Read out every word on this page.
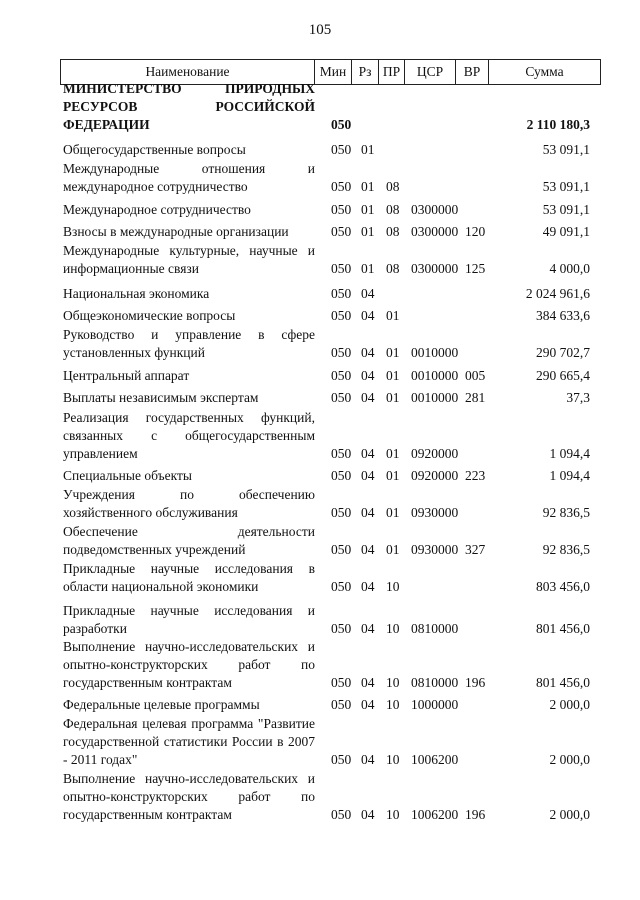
105
Наименование	Мин Рз ПР	ЦСР	ВР	Сумма
МИНИСТЕРСТВО ПРИРОДНЫХ РЕСУРСОВ РОССИЙСКОЙ ФЕДЕРАЦИИ	050	2 110 180,3
Общегосударственные вопросы	050 01	53 091,1
Международные отношения и международное сотрудничество	050 01 08	53 091,1
Международное сотрудничество	050 01 08 0300000	53 091,1
Взносы в международные организации	050 01 08 0300000 120	49 091,1
Международные культурные, научные и информационные связи	050 01 08 0300000 125	4 000,0
Национальная экономика	050 04	2 024 961,6
Общеэкономические вопросы	050 04 01	384 633,6
Руководство и управление в сфере установленных функций	050 04 01 0010000	290 702,7
Центральный аппарат	050 04 01 0010000 005	290 665,4
Выплаты независимым экспертам	050 04 01 0010000 281	37,3
Реализация государственных функций, связанных с общегосударственным управлением	050 04 01 0920000	1 094,4
Специальные объекты	050 04 01 0920000 223	1 094,4
Учреждения по обеспечению хозяйственного обслуживания	050 04 01 0930000	92 836,5
Обеспечение деятельности подведомственных учреждений	050 04 01 0930000 327	92 836,5
Прикладные научные исследования в области национальной экономики	050 04 10	803 456,0
Прикладные научные исследования и разработки	050 04 10 0810000	801 456,0
Выполнение научно-исследовательских и опытно-конструкторских работ по государственным контрактам	050 04 10 0810000 196	801 456,0
Федеральные целевые программы	050 04 10 1000000	2 000,0
Федеральная целевая программа "Развитие государственной статистики России в 2007 - 2011 годах"	050 04 10 1006200	2 000,0
Выполнение научно-исследовательских и опытно-конструкторских работ по государственным контрактам	050 04 10 1006200 196	2 000,0
